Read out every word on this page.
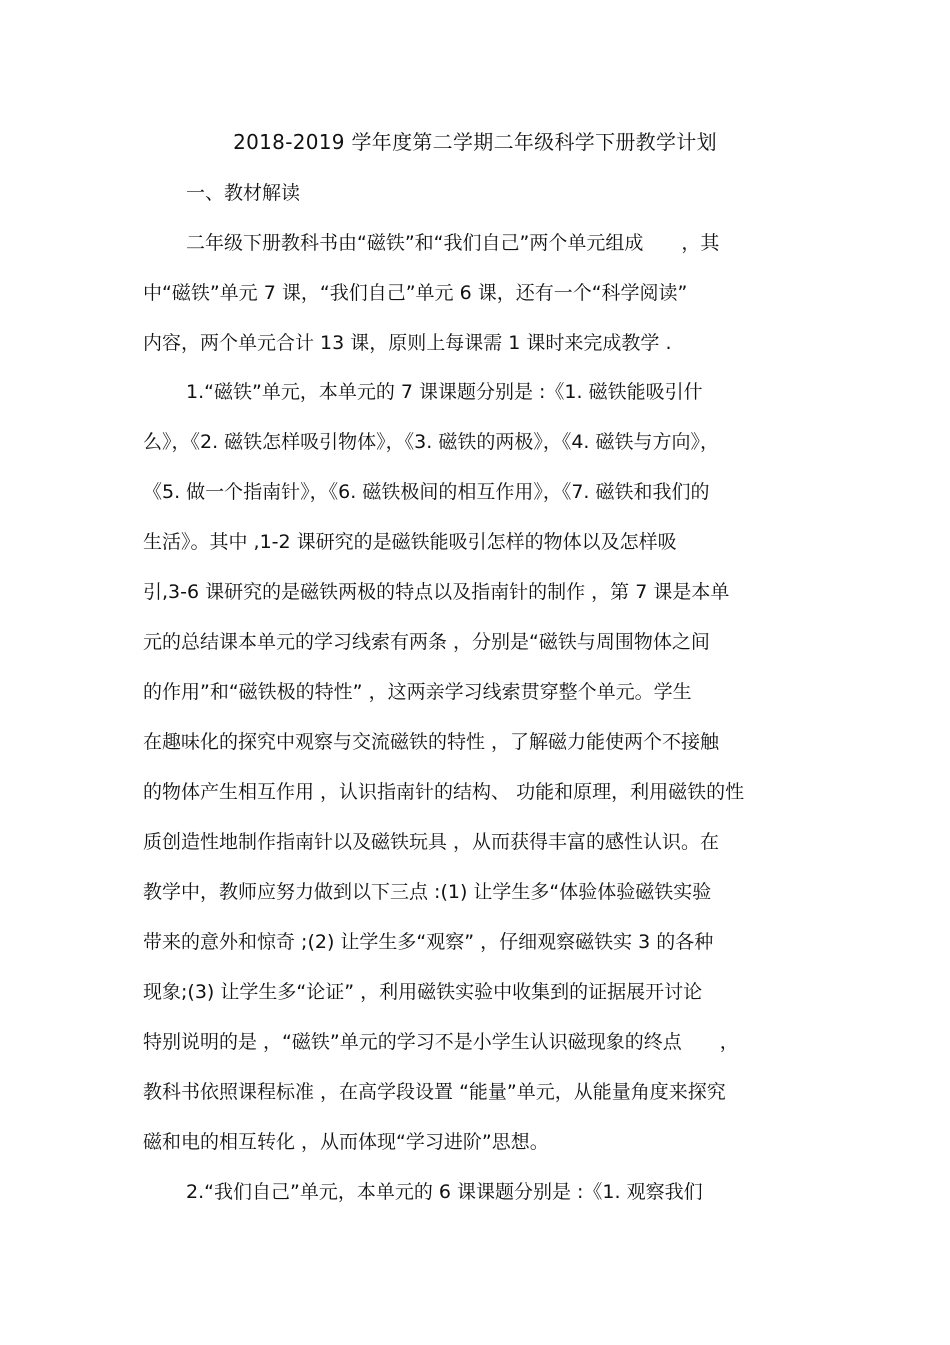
2018-2019 学年度第二学期二年级科学下册教学计划
一、教材解读
二年级下册教科书由“磁铁”和“我们自己”两个单元组成　　，其
中“磁铁”单元 7 课，“我们自己”单元 6 课，还有一个“科学阅读”
内容，两个单元合计 13 课，原则上每课需 1 课时来完成教学 .
1.“磁铁”单元，本单元的 7 课课题分别是 :《1. 磁铁能吸引什
么》，《2. 磁铁怎样吸引物体》，《3. 磁铁的两极》，《4. 磁铁与方向》，
《5. 做一个指南针》，《6. 磁铁极间的相互作用》，《7. 磁铁和我们的
生活》。其中 ,1-2 课研究的是磁铁能吸引怎样的物体以及怎样吸
引,3-6 课研究的是磁铁两极的特点以及指南针的制作 ，第 7 课是本单
元的总结课本单元的学习线索有两条 ，分别是“磁铁与周围物体之间
的作用”和“磁铁极的特性” ，这两亲学习线索贯穿整个单元。学生
在趣味化的探究中观察与交流磁铁的特性 ，了解磁力能使两个不接触
的物体产生相互作用 ，认识指南针的结构、 功能和原理，利用磁铁的性
质创造性地制作指南针以及磁铁玩具 ，从而获得丰富的感性认识。在
教学中，教师应努力做到以下三点 :(1) 让学生多“体验体验磁铁实验
带来的意外和惊奇 ;(2) 让学生多“观察” ，仔细观察磁铁实 3 的各种
现象;(3) 让学生多“论证” ，利用磁铁实验中收集到的证据展开讨论
特别说明的是 ，“磁铁”单元的学习不是小学生认识磁现象的终点　　，
教科书依照课程标准 ，在高学段设置 “能量”单元，从能量角度来探究
磁和电的相互转化 ，从而体现“学习进阶”思想。
2.“我们自己”单元，本单元的 6 课课题分别是 :《1. 观察我们
